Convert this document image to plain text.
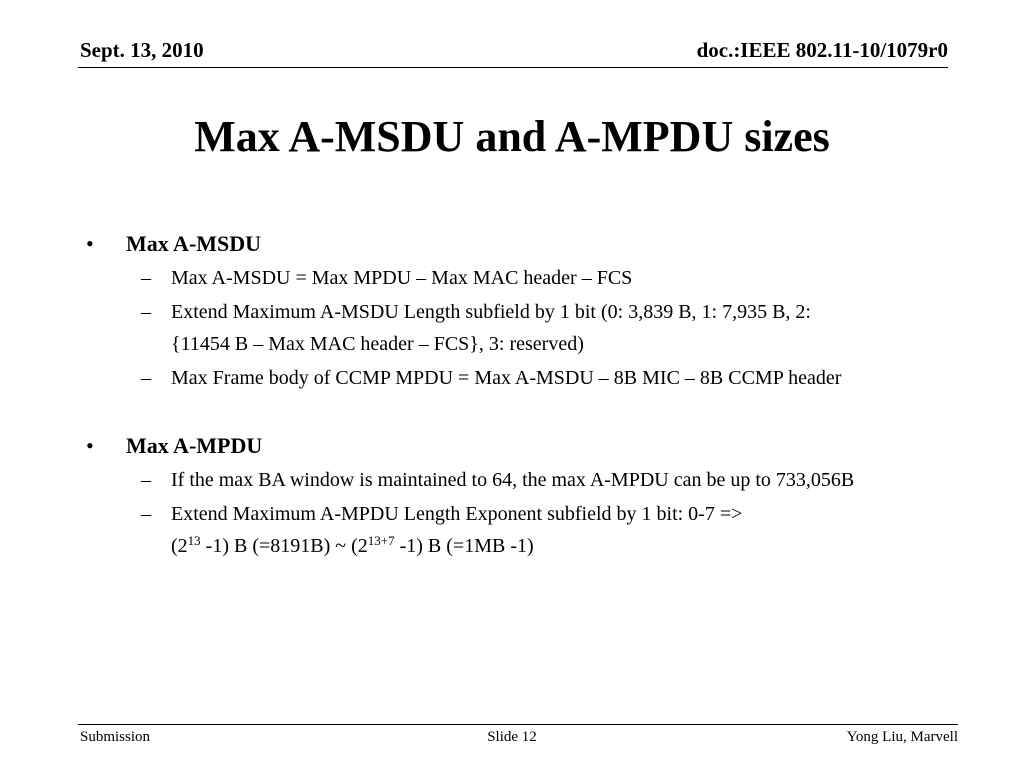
Sept. 13, 2010	doc.:IEEE 802.11-10/1079r0
Max A-MSDU and A-MPDU sizes
• Max A-MSDU
– Max A-MSDU = Max MPDU – Max MAC header – FCS
– Extend Maximum A-MSDU Length subfield by 1 bit (0: 3,839 B, 1: 7,935 B, 2: {11454 B – Max MAC header – FCS}, 3: reserved)
– Max Frame body of CCMP MPDU = Max A-MSDU – 8B MIC – 8B CCMP header
• Max A-MPDU
– If the max BA window is maintained to 64, the max A-MPDU can be up to 733,056B
– Extend Maximum A-MPDU Length Exponent subfield by 1 bit: 0-7 =>
($2^{13}$ -1) B (=8191B) ~ ($2^{13+7}$ -1) B (=1MB -1)
Submission	Slide 12	Yong Liu, Marvell
